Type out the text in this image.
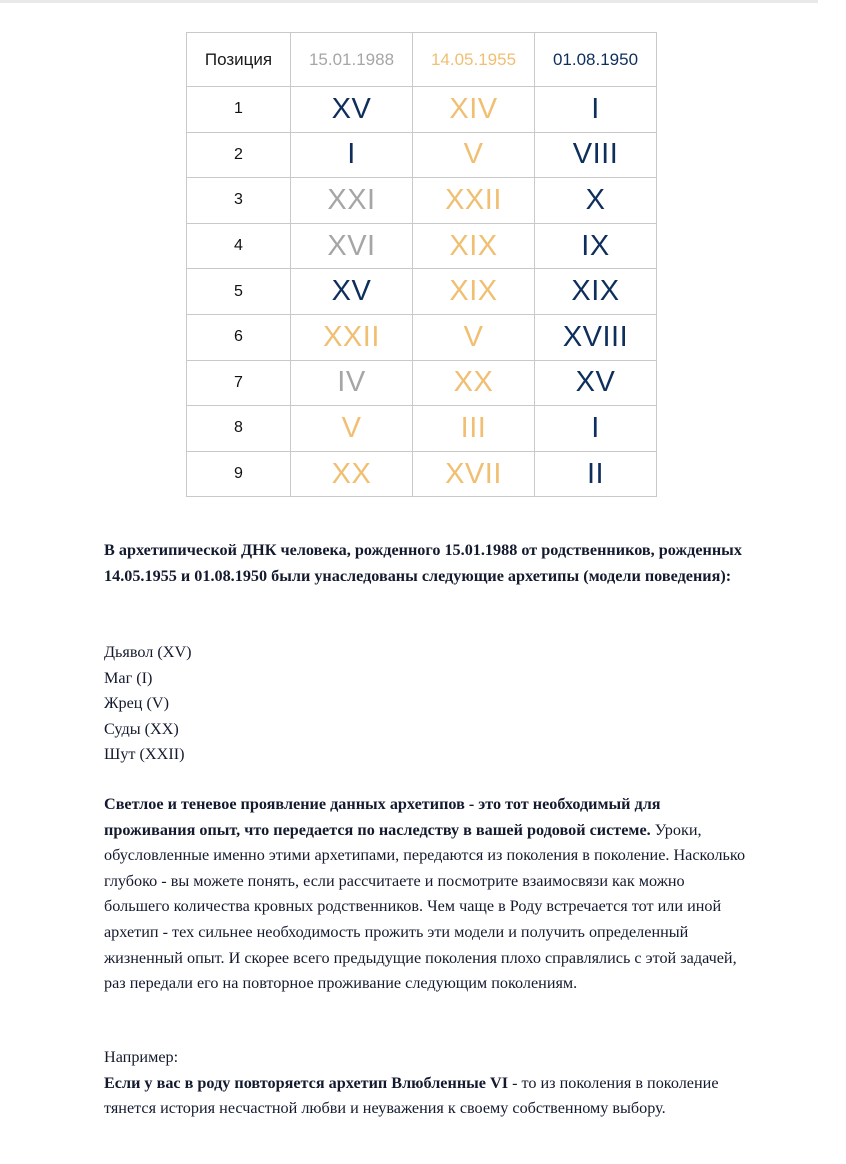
Позиция	15.01.1988	14.05.1955	01.08.1950
1	XV	XIV	I
2	I	V	VIII
3	XXI	XXII	X
4	XVI	XIX	IX
5	XV	XIX	XIX
6	XXII	V	XVIII
7	IV	XX	XV
8	V	III	I
9	XX	XVII	II

В архетипической ДНК человека, рожденного 15.01.1988 от родственников, рожденных 14.05.1955 и 01.08.1950 были унаследованы следующие архетипы (модели поведения):

Дьявол (XV)

Маг (I)

Жрец (V)

Суды (XX)

Шут (XXII)

Светлое и теневое проявление данных архетипов - это тот необходимый для проживания опыт, что передается по наследству в вашей родовой системе. Уроки, обусловленные именно этими архетипами, передаются из поколения в поколение. Насколько глубоко - вы можете понять, если рассчитаете и посмотрите взаимосвязи как можно большего количества кровных родственников. Чем чаще в Роду встречается тот или иной архетип - тех сильнее необходимость прожить эти модели и получить определенный жизненный опыт. И скорее всего предыдущие поколения плохо справлялись с этой задачей, раз передали его на повторное проживание следующим поколениям.

Например:

Если у вас в роду повторяется архетип Влюбленные VI - то из поколения в поколение тянется история несчастной любви и неуважения к своему собственному выбору.
